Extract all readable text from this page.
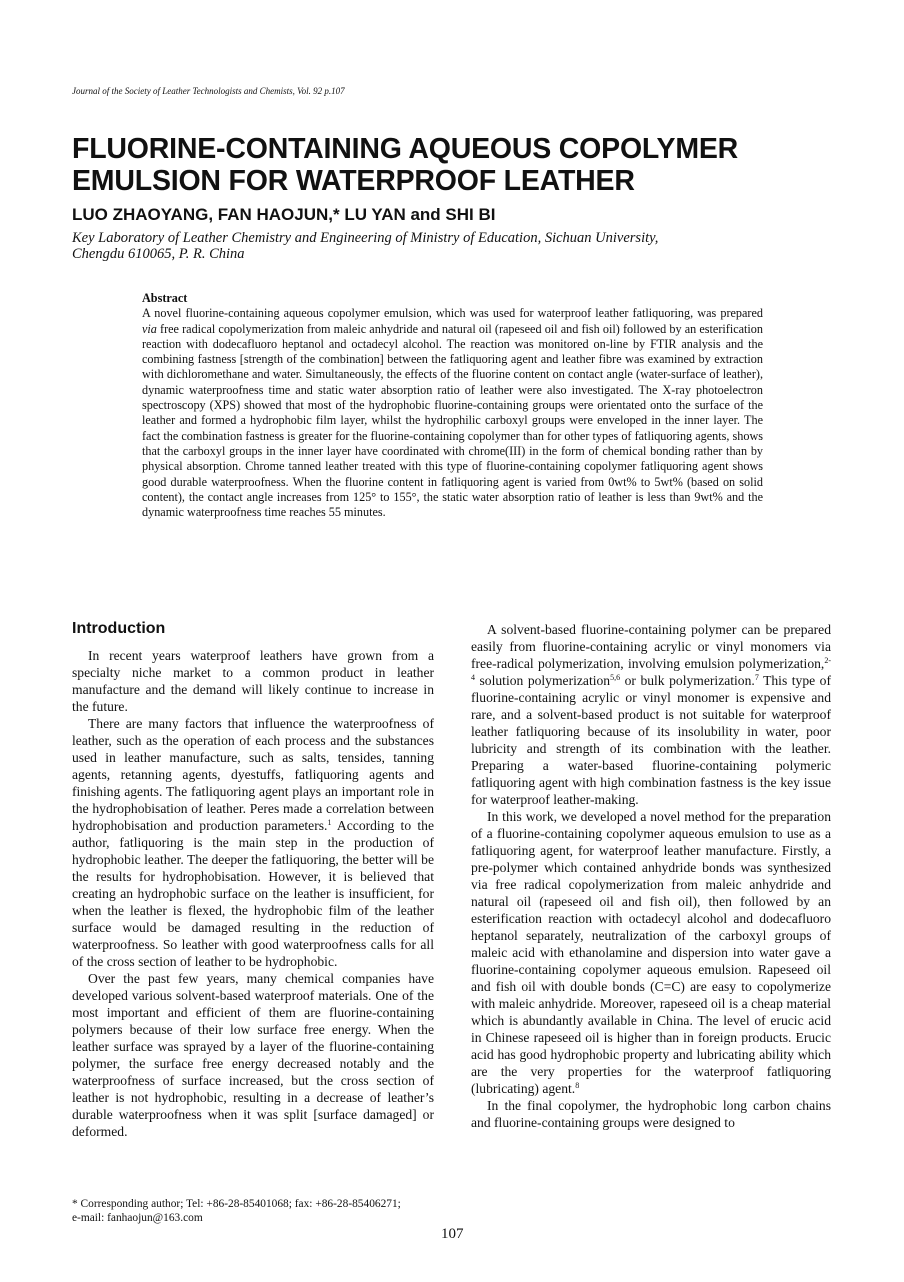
Journal of the Society of Leather Technologists and Chemists, Vol. 92 p.107
FLUORINE-CONTAINING AQUEOUS COPOLYMER
EMULSION FOR WATERPROOF LEATHER
LUO ZHAOYANG, FAN HAOJUN,* LU YAN and SHI BI
Key Laboratory of Leather Chemistry and Engineering of Ministry of Education, Sichuan University,
Chengdu 610065, P. R. China
Abstract
A novel fluorine-containing aqueous copolymer emulsion, which was used for waterproof leather fatliquoring, was prepared via free radical copolymerization from maleic anhydride and natural oil (rapeseed oil and fish oil) followed by an esterification reaction with dodecafluoro heptanol and octadecyl alcohol. The reaction was monitored on-line by FTIR analysis and the combining fastness [strength of the combination] between the fatliquoring agent and leather fibre was examined by extraction with dichloromethane and water. Simultaneously, the effects of the fluorine content on contact angle (water-surface of leather), dynamic waterproofness time and static water absorption ratio of leather were also investigated. The X-ray photoelectron spectroscopy (XPS) showed that most of the hydrophobic fluorine-containing groups were orientated onto the surface of the leather and formed a hydrophobic film layer, whilst the hydrophilic carboxyl groups were enveloped in the inner layer. The fact the combination fastness is greater for the fluorine-containing copolymer than for other types of fatliquoring agents, shows that the carboxyl groups in the inner layer have coordinated with chrome(III) in the form of chemical bonding rather than by physical absorption. Chrome tanned leather treated with this type of fluorine-containing copolymer fatliquoring agent shows good durable waterproofness. When the fluorine content in fatliquoring agent is varied from 0wt% to 5wt% (based on solid content), the contact angle increases from 125° to 155°, the static water absorption ratio of leather is less than 9wt% and the dynamic waterproofness time reaches 55 minutes.
Introduction

In recent years waterproof leathers have grown from a specialty niche market to a common product in leather manufacture and the demand will likely continue to increase in the future.

There are many factors that influence the waterproofness of leather, such as the operation of each process and the substances used in leather manufacture, such as salts, tensides, tanning agents, retanning agents, dyestuffs, fatliquoring agents and finishing agents. The fatliquoring agent plays an important role in the hydrophobisation of leather. Peres made a correlation between hydrophobisation and production parameters.$^1$ According to the author, fatliquoring is the main step in the production of hydrophobic leather. The deeper the fatliquoring, the better will be the results for hydrophobisation. However, it is believed that creating an hydrophobic surface on the leather is insufficient, for when the leather is flexed, the hydrophobic film of the leather surface would be damaged resulting in the reduction of waterproofness. So leather with good waterproofness calls for all of the cross section of leather to be hydrophobic.

Over the past few years, many chemical companies have developed various solvent-based waterproof materials. One of the most important and efficient of them are fluorine-containing polymers because of their low surface free energy. When the leather surface was sprayed by a layer of the fluorine-containing polymer, the surface free energy decreased notably and the waterproofness of surface increased, but the cross section of leather is not hydrophobic, resulting in a decrease of leather’s durable waterproofness when it was split [surface damaged] or deformed.

A solvent-based fluorine-containing polymer can be prepared easily from fluorine-containing acrylic or vinyl monomers via free-radical polymerization, involving emulsion polymerization,$^{2-4}$ solution polymerization$^{5,6}$ or bulk polymerization.$^7$ This type of fluorine-containing acrylic or vinyl monomer is expensive and rare, and a solvent-based product is not suitable for waterproof leather fatliquoring because of its insolubility in water, poor lubricity and strength of its combination with the leather. Preparing a water-based fluorine-containing polymeric fatliquoring agent with high combination fastness is the key issue for waterproof leather-making.

In this work, we developed a novel method for the preparation of a fluorine-containing copolymer aqueous emulsion to use as a fatliquoring agent, for waterproof leather manufacture. Firstly, a pre-polymer which contained anhydride bonds was synthesized via free radical copolymerization from maleic anhydride and natural oil (rapeseed oil and fish oil), then followed by an esterification reaction with octadecyl alcohol and dodecafluoro heptanol separately, neutralization of the carboxyl groups of maleic acid with ethanolamine and dispersion into water gave a fluorine-containing copolymer aqueous emulsion. Rapeseed oil and fish oil with double bonds (C=C) are easy to copolymerize with maleic anhydride. Moreover, rapeseed oil is a cheap material which is abundantly available in China. The level of erucic acid in Chinese rapeseed oil is higher than in foreign products. Erucic acid has good hydrophobic property and lubricating ability which are the very properties for the waterproof fatliquoring (lubricating) agent.$^8$

In the final copolymer, the hydrophobic long carbon chains and fluorine-containing groups were designed to

* Corresponding author; Tel: +86-28-85401068; fax: +86-28-85406271;
e-mail: fanhaojun@163.com
107
